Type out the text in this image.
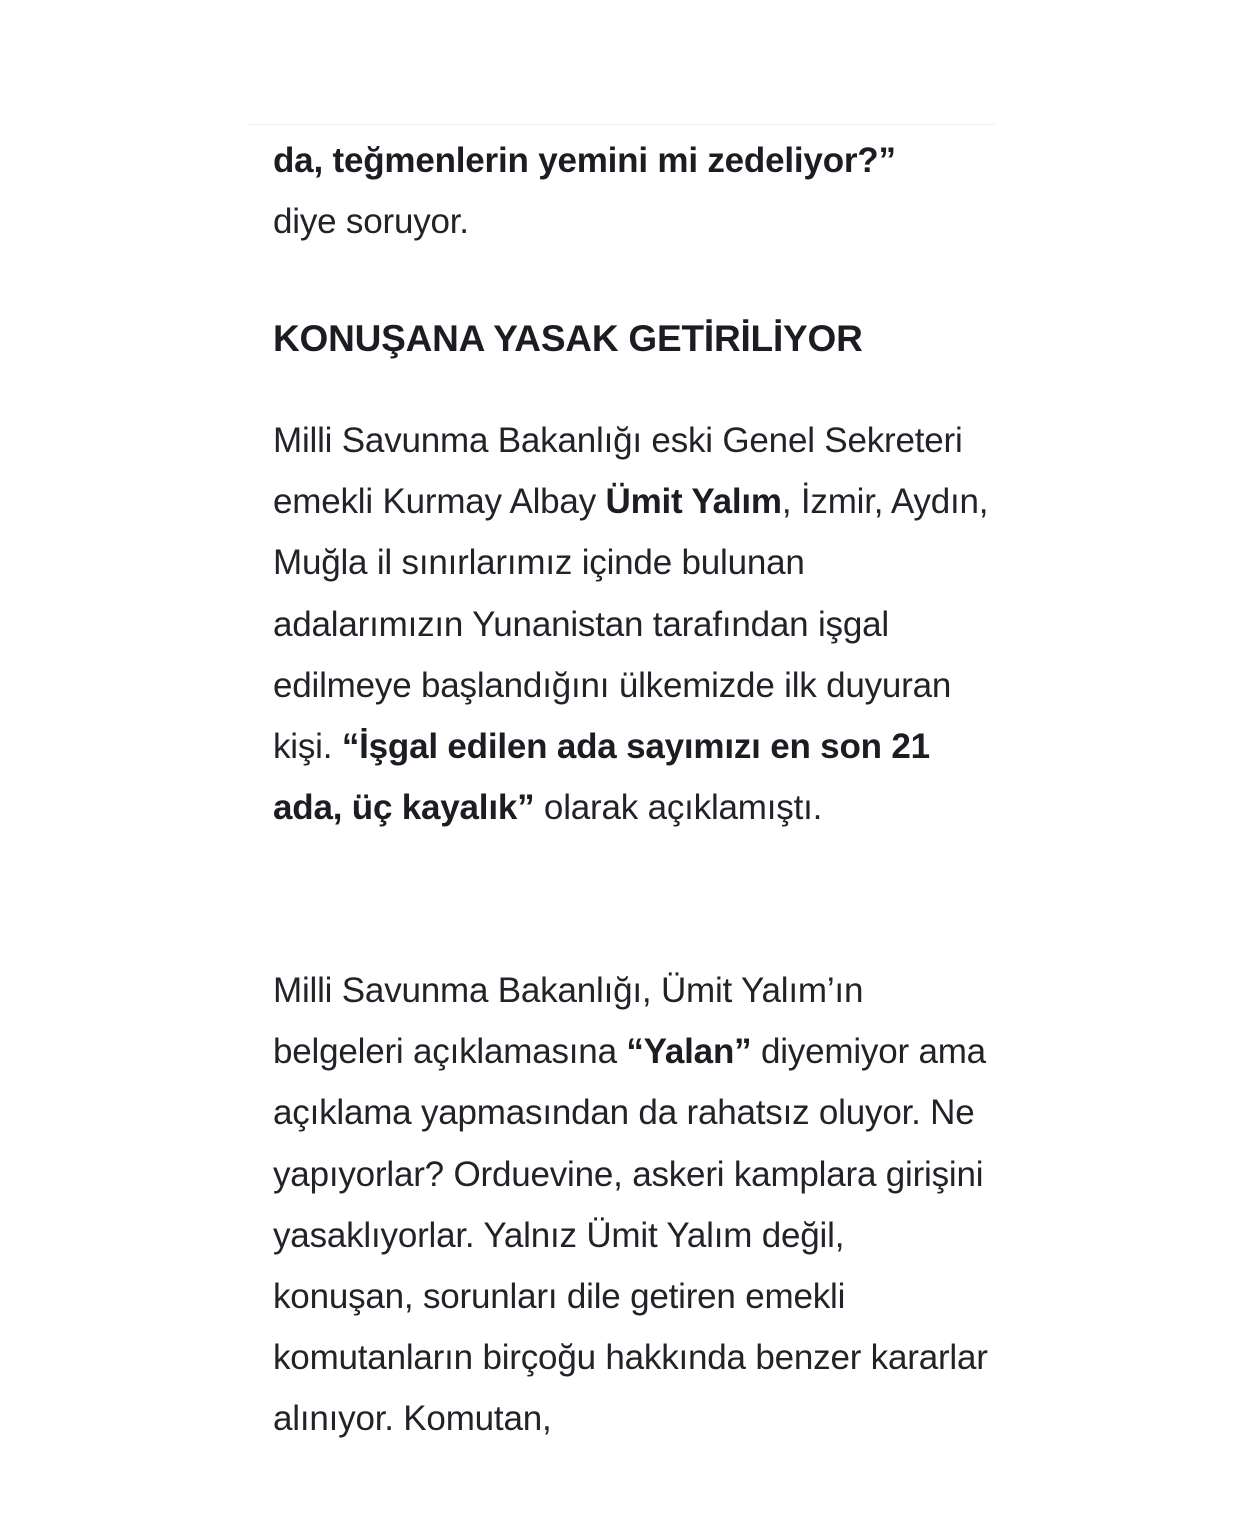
da, teğmenlerin yemini mi zedeliyor?”
diye soruyor.

KONUŞANA YASAK GETİRİLİYOR

Milli Savunma Bakanlığı eski Genel Sekreteri emekli Kurmay Albay Ümit Yalım, İzmir, Aydın, Muğla il sınırlarımız içinde bulunan adalarımızın Yunanistan tarafından işgal edilmeye başlandığını ülkemizde ilk duyuran kişi. “İşgal edilen ada sayımızı en son 21 ada, üç kayalık” olarak açıklamıştı.

Milli Savunma Bakanlığı, Ümit Yalım’ın belgeleri açıklamasına “Yalan” diyemiyor ama açıklama yapmasından da rahatsız oluyor. Ne yapıyorlar? Orduevine, askeri kamplara girişini yasaklıyorlar. Yalnız Ümit Yalım değil, konuşan, sorunları dile getiren emekli komutanların birçoğu hakkında benzer kararlar alınıyor. Komutan,
